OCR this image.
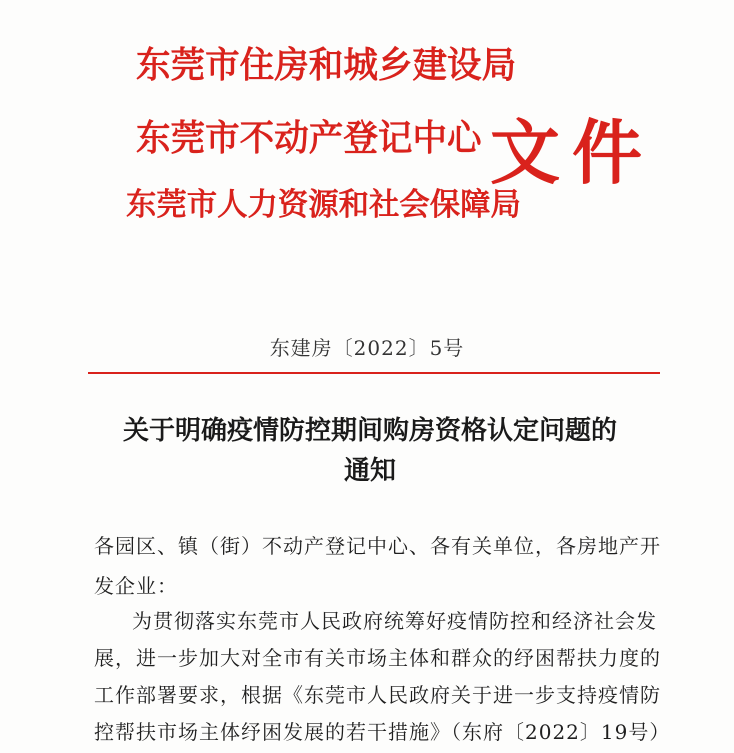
东莞市住房和城乡建设局
东莞市不动产登记中心
东莞市人力资源和社会保障局
文件
东建房〔2022〕5号
关于明确疫情防控期间购房资格认定问题的
通知
各园区、镇（街）不动产登记中心、各有关单位，各房地产开
发企业：
为贯彻落实东莞市人民政府统筹好疫情防控和经济社会发
展，进一步加大对全市有关市场主体和群众的纾困帮扶力度的
工作部署要求，根据《东莞市人民政府关于进一步支持疫情防
控帮扶市场主体纾困发展的若干措施》（东府〔2022〕19号）
